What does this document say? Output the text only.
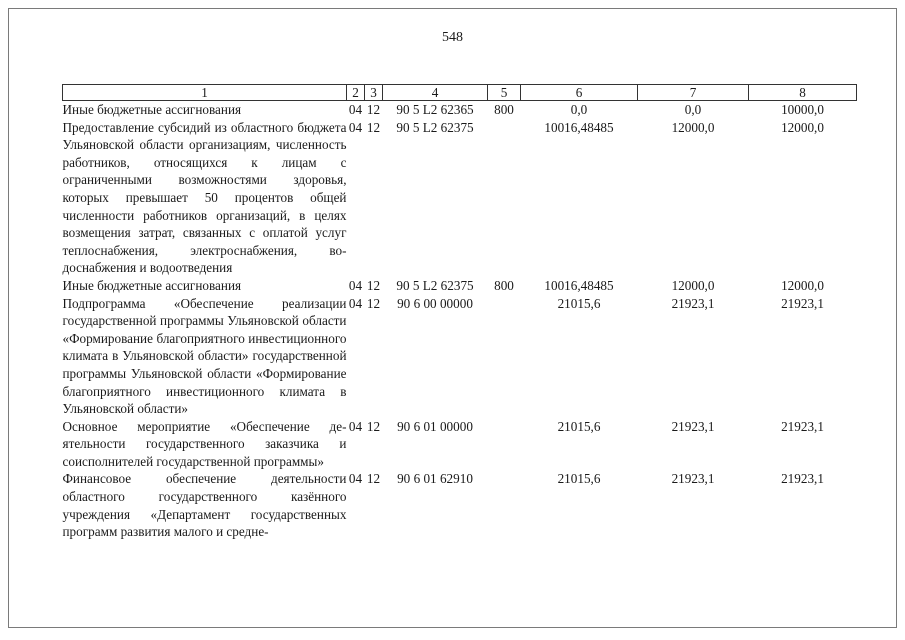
548
1	2	3	4	5	6	7	8
Иные бюджетные ассигнования	04	12	90 5 L2 62365	800	0,0	0,0	10000,0
Предоставление субсидий из областного бюджета Ульяновской области организациям, численность работников, относящихся к лицам с ограниченными возможностями здоровья, которых превышает 50 процентов общей численности работников организаций, в целях возмещения затрат, связанных с оплатой услуг теплоснабжения, электроснабжения, водоснабжения и водоотведения	04	12	90 5 L2 62375		10016,48485	12000,0	12000,0
Иные бюджетные ассигнования	04	12	90 5 L2 62375	800	10016,48485	12000,0	12000,0
Подпрограмма «Обеспечение реализации государственной программы Ульяновской области «Формирование благоприятного инвестиционного климата в Ульяновской области» государственной программы Ульяновской области «Формирование благоприятного инвестиционного климата в Ульяновской области»	04	12	90 6 00 00000		21015,6	21923,1	21923,1
Основное мероприятие «Обеспечение деятельности государственного заказчика и соисполнителей государственной программы»	04	12	90 6 01 00000		21015,6	21923,1	21923,1
Финансовое обеспечение деятельности областного государственного казённого учреждения «Департамент государственных программ развития малого и средне-	04	12	90 6 01 62910		21015,6	21923,1	21923,1
